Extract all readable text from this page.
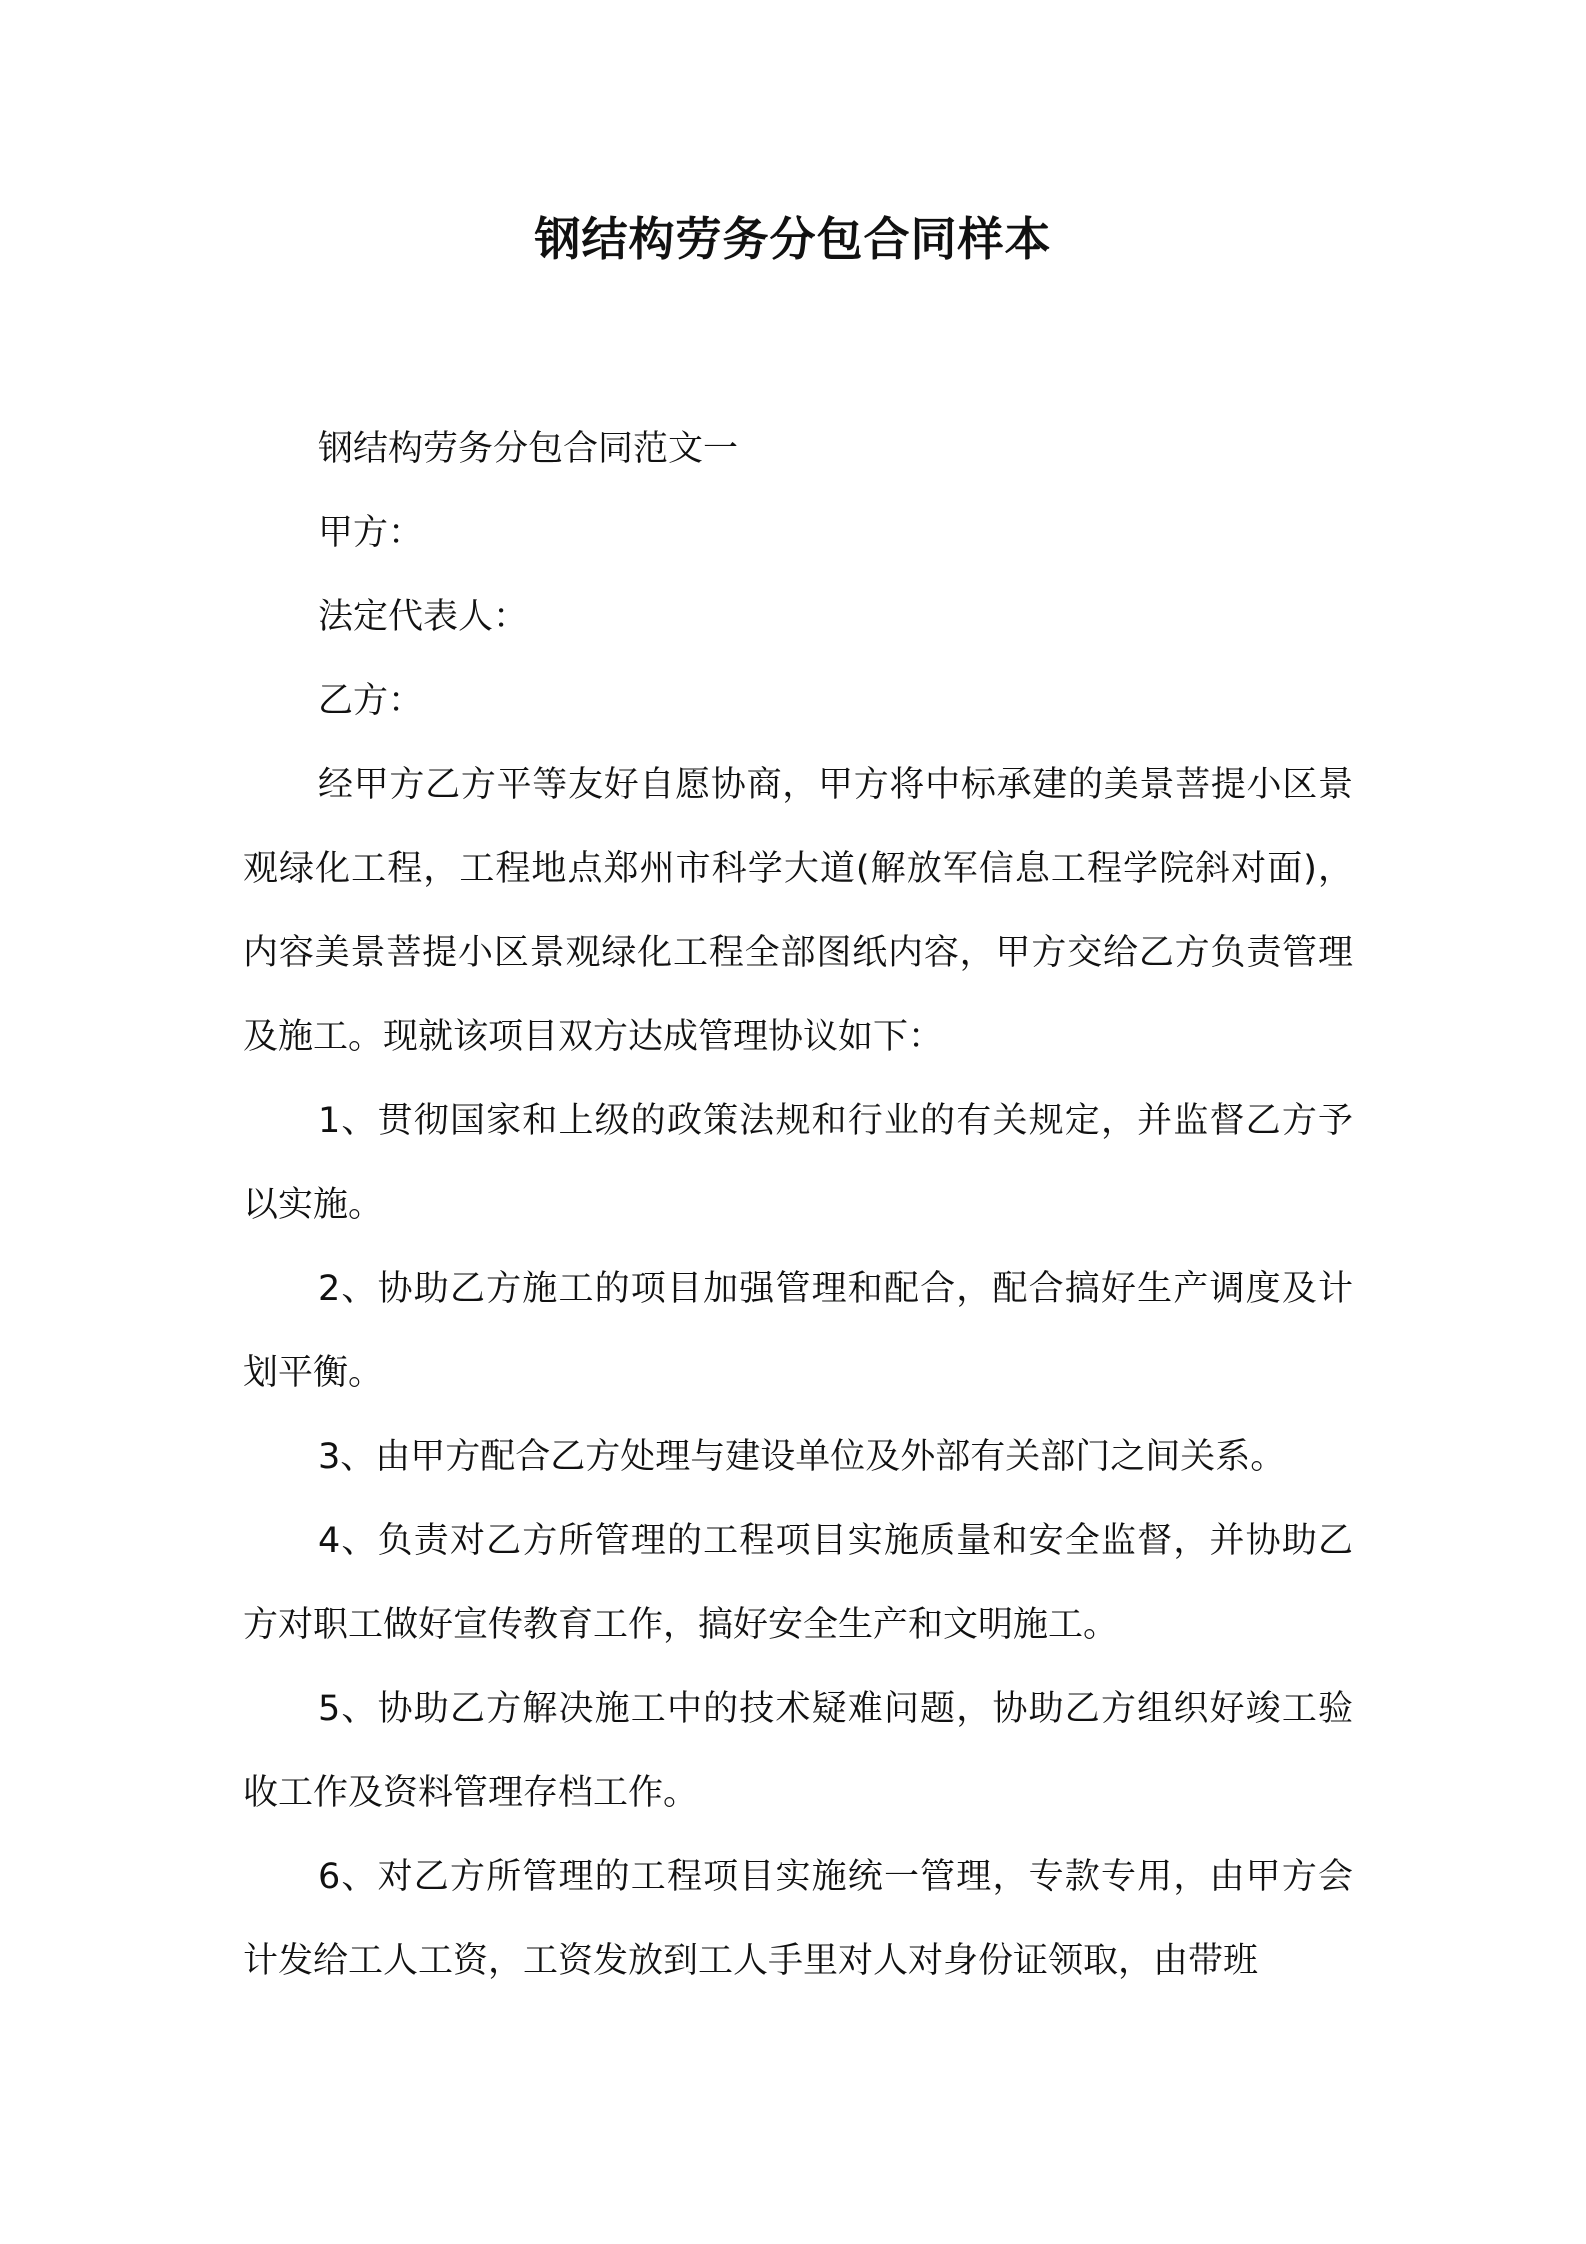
钢结构劳务分包合同样本

钢结构劳务分包合同范文一

甲方：

法定代表人：

乙方：

经甲方乙方平等友好自愿协商，甲方将中标承建的美景菩提小区景观绿化工程，工程地点郑州市科学大道(解放军信息工程学院斜对面)，内容美景菩提小区景观绿化工程全部图纸内容，甲方交给乙方负责管理及施工。现就该项目双方达成管理协议如下：

1、贯彻国家和上级的政策法规和行业的有关规定，并监督乙方予以实施。

2、协助乙方施工的项目加强管理和配合，配合搞好生产调度及计划平衡。

3、由甲方配合乙方处理与建设单位及外部有关部门之间关系。

4、负责对乙方所管理的工程项目实施质量和安全监督，并协助乙方对职工做好宣传教育工作，搞好安全生产和文明施工。

5、协助乙方解决施工中的技术疑难问题，协助乙方组织好竣工验收工作及资料管理存档工作。

6、对乙方所管理的工程项目实施统一管理，专款专用，由甲方会计发给工人工资，工资发放到工人手里对人对身份证领取，由带班
